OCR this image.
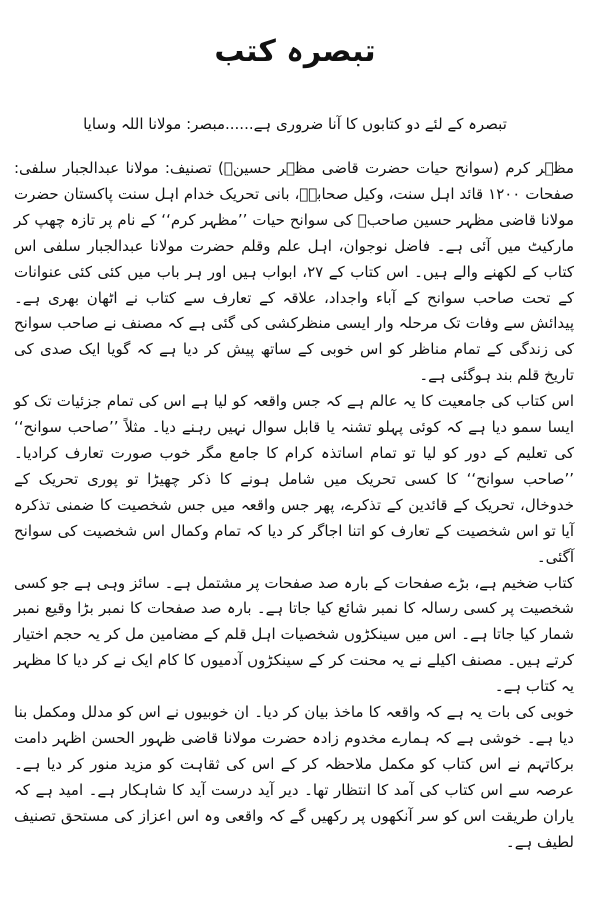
تبصرہ کتب
تبصرہ کے لئے دو کتابوں کا آنا ضروری ہے......مبصر: مولانا اللہ وسایا

مظہر کرم (سوانح حیات حضرت قاضی مظہر حسینؒ) تصنیف: مولانا عبدالجبار سلفی: صفحات ۱۲۰۰ قائد اہل سنت، وکیل صحابہؓ، بانی تحریک خدام اہل سنت پاکستان حضرت مولانا قاضی مظہر حسین صاحبؒ کی سوانح حیات ’’مظہر کرم‘‘ کے نام پر تازہ چھپ کر مارکیٹ میں آئی ہے۔ فاضل نوجوان، اہل علم وقلم حضرت مولانا عبدالجبار سلفی اس کتاب کے لکھنے والے ہیں۔ اس کتاب کے ۲۷، ابواب ہیں اور ہر باب میں کئی کئی عنوانات کے تحت صاحب سوانح کے آباء واجداد، علاقہ کے تعارف سے کتاب نے اٹھان بھری ہے۔ پیدائش سے وفات تک مرحلہ وار ایسی منظرکشی کی گئی ہے کہ مصنف نے صاحب سوانح کی زندگی کے تمام مناظر کو اس خوبی کے ساتھ پیش کر دیا ہے کہ گویا ایک صدی کی تاریخ قلم بند ہوگئی ہے۔

اس کتاب کی جامعیت کا یہ عالم ہے کہ جس واقعہ کو لیا ہے اس کی تمام جزئیات تک کو ایسا سمو دیا ہے کہ کوئی پہلو تشنہ یا قابل سوال نہیں رہنے دیا۔ مثلاً ’’صاحب سوانح‘‘ کی تعلیم کے دور کو لیا تو تمام اساتذہ کرام کا جامع مگر خوب صورت تعارف کرادیا۔ ’’صاحب سوانح‘‘ کا کسی تحریک میں شامل ہونے کا ذکر چھیڑا تو پوری تحریک کے خدوخال، تحریک کے قائدین کے تذکرے، پھر جس واقعہ میں جس شخصیت کا ضمنی تذکرہ آیا تو اس شخصیت کے تعارف کو اتنا اجاگر کر دیا کہ تمام وکمال اس شخصیت کی سوانح آگئی۔

کتاب ضخیم ہے، بڑے صفحات کے بارہ صد صفحات پر مشتمل ہے۔ سائز وہی ہے جو کسی شخصیت پر کسی رسالہ کا نمبر شائع کیا جاتا ہے۔ بارہ صد صفحات کا نمبر بڑا وقیع نمبر شمار کیا جاتا ہے۔ اس میں سینکڑوں شخصیات اہل قلم کے مضامین مل کر یہ حجم اختیار کرتے ہیں۔ مصنف اکیلے نے یہ محنت کر کے سینکڑوں آدمیوں کا کام ایک نے کر دیا کا مظہر یہ کتاب ہے۔

خوبی کی بات یہ ہے کہ واقعہ کا ماخذ بیان کر دیا۔ ان خوبیوں نے اس کو مدلل ومکمل بنا دیا ہے۔ خوشی ہے کہ ہمارے مخدوم زادہ حضرت مولانا قاضی ظہور الحسن اظہر دامت برکاتہم نے اس کتاب کو مکمل ملاحظہ کر کے اس کی ثقاہت کو مزید منور کر دیا ہے۔ عرصہ سے اس کتاب کی آمد کا انتظار تھا۔ دیر آید درست آید کا شاہکار ہے۔ امید ہے کہ یاران طریقت اس کو سر آنکھوں پر رکھیں گے کہ واقعی وہ اس اعزاز کی مستحق تصنیف لطیف ہے۔
